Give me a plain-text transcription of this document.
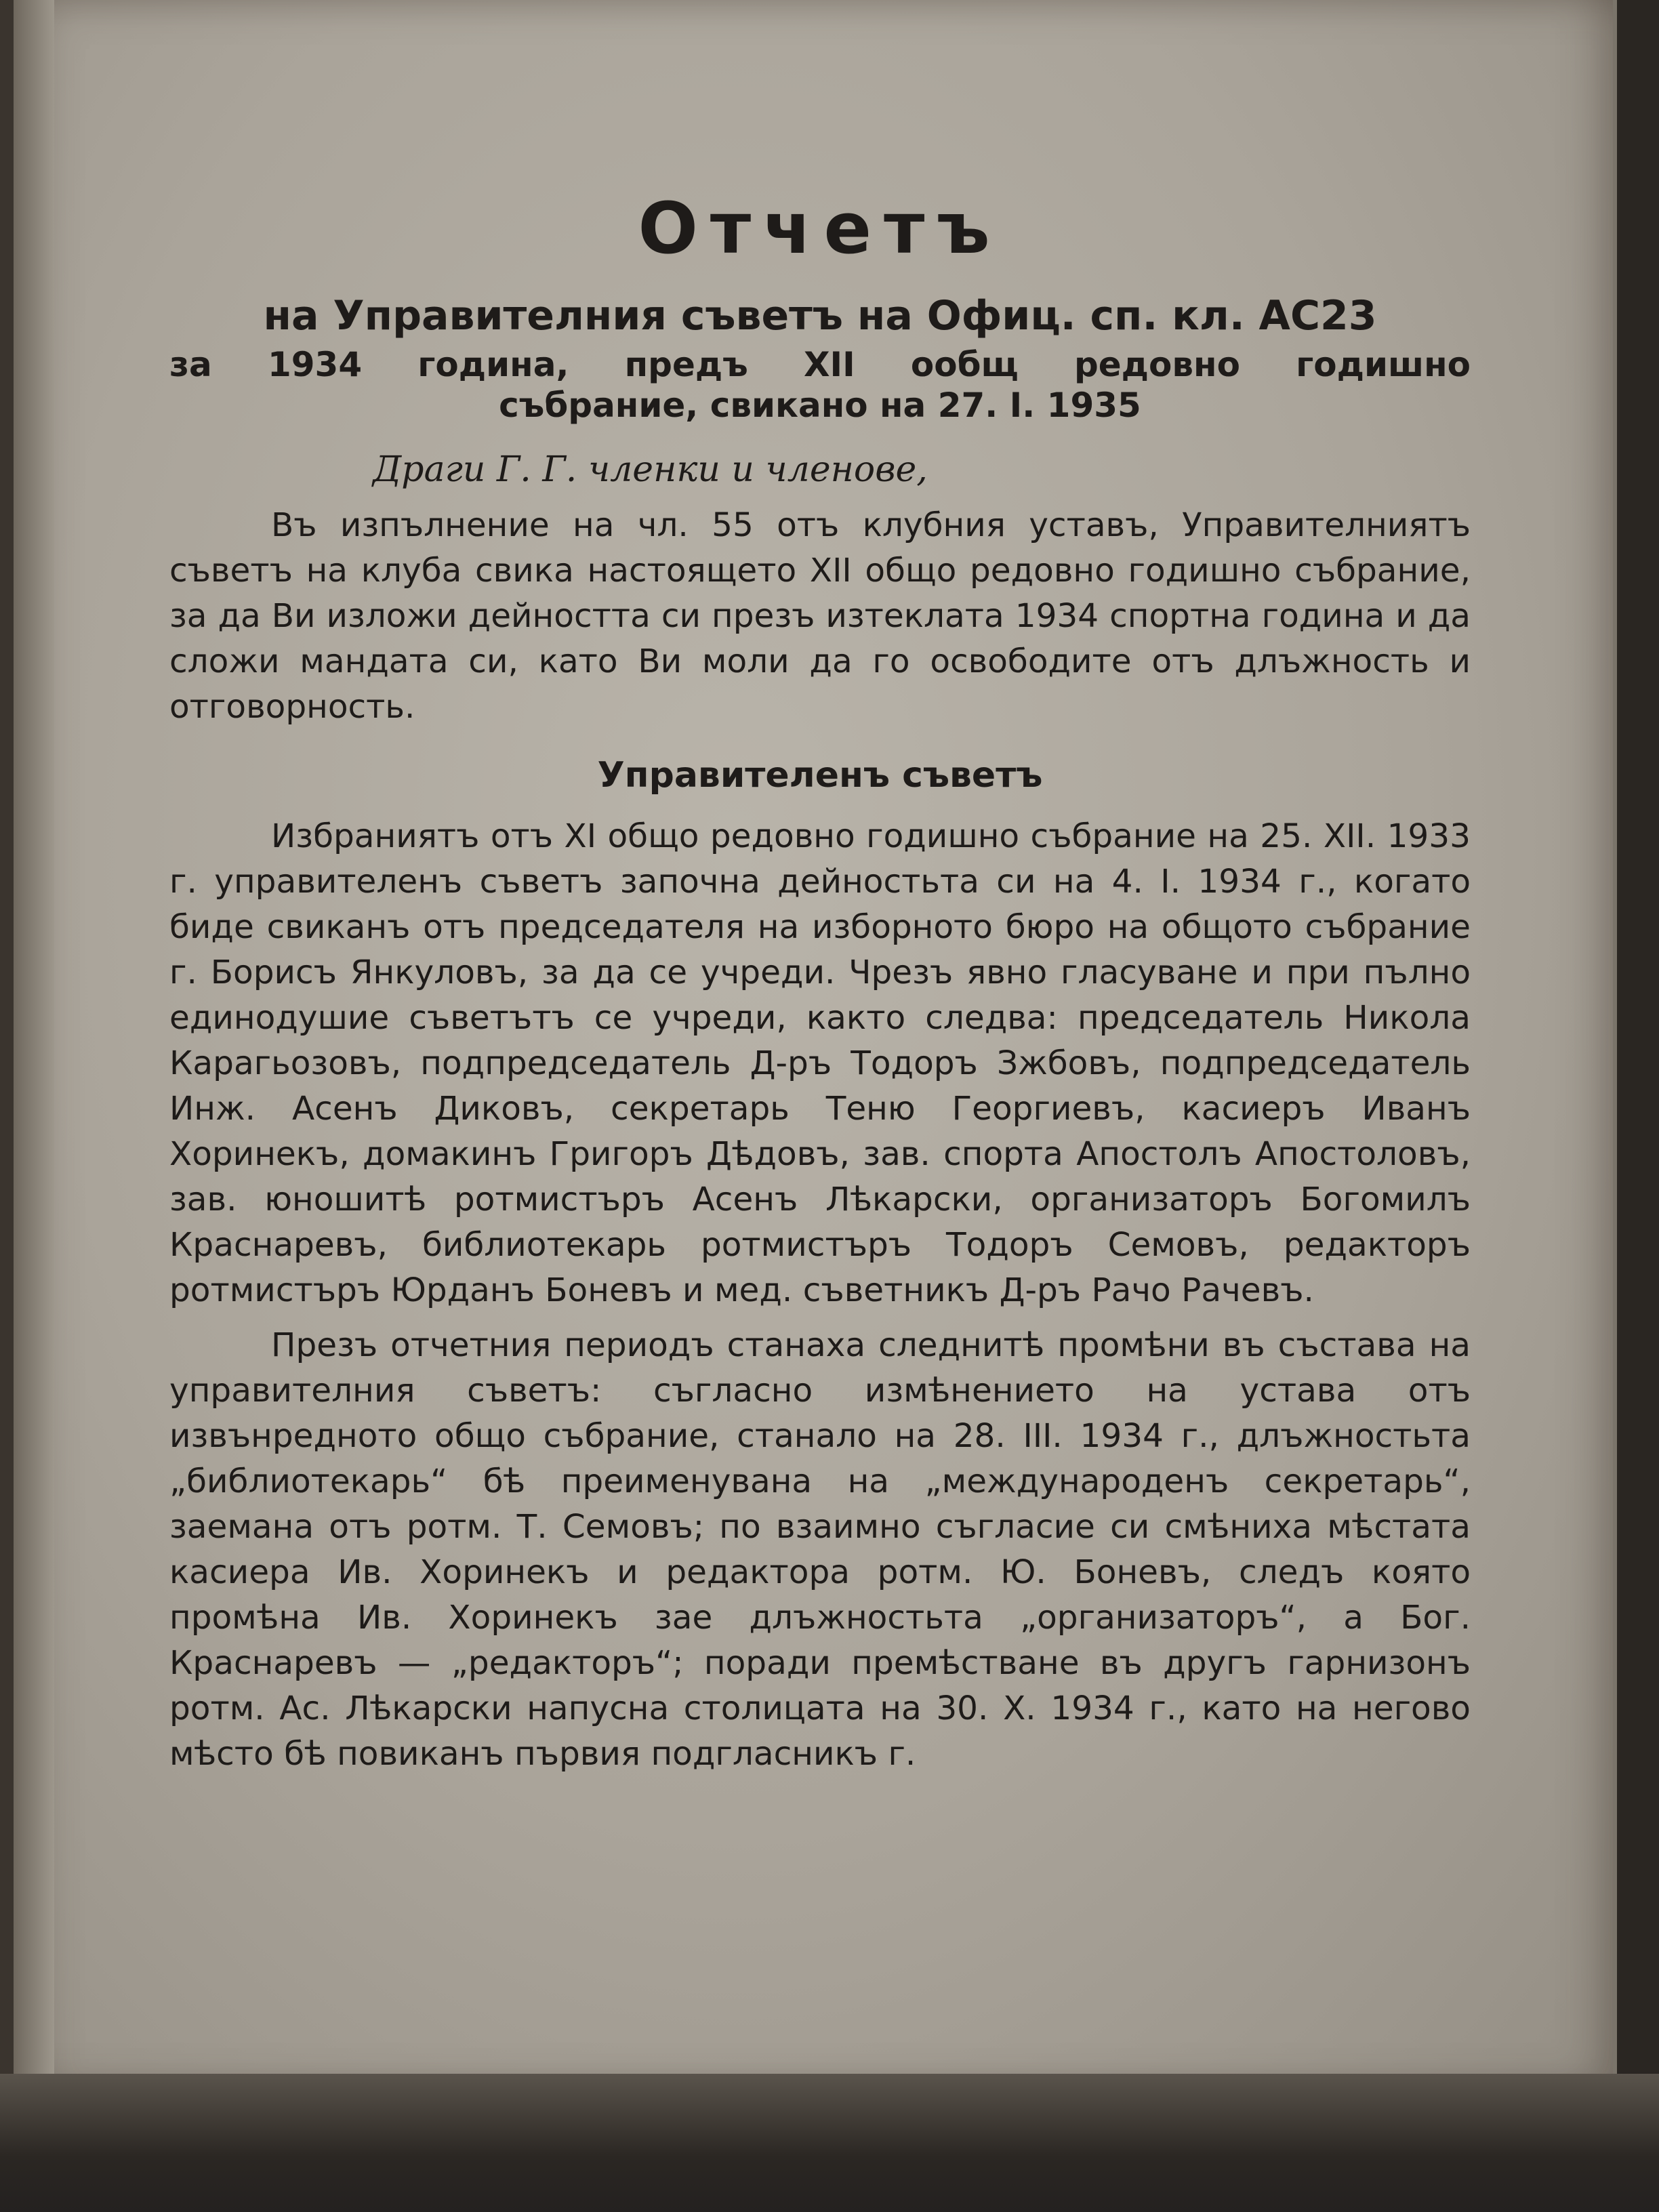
Отчетъ
на Управителния съветъ на Офиц. сп. кл. АС23
за 1934 година, предъ XII ообщ редовно годишно
събрание, свикано на 27. I. 1935
Драги Г. Г. членки и членове,

Въ изпълнение на чл. 55 отъ клубния уставъ, Управителниятъ съветъ на клуба свика настоящето XII общо редовно годишно събрание, за да Ви изложи дейността си презъ изтеклата 1934 спортна година и да сложи мандата си, като Ви моли да го освободите отъ длъжность и отговорность.

Управителенъ съветъ

Избраниятъ отъ XI общо редовно годишно събрание на 25. XII. 1933 г. управителенъ съветъ започна дейностьта си на 4. I. 1934 г., когато биде свиканъ отъ председателя на изборното бюро на общото събрание г. Борисъ Янкуловъ, за да се учреди. Чрезъ явно гласуване и при пълно единодушие съветътъ се учреди, както следва: председатель Никола Карагьозовъ, подпредседатель Д-ръ Тодоръ Зжбовъ, подпредседатель Инж. Асенъ Диковъ, секретарь Теню Георгиевъ, касиеръ Иванъ Хоринекъ, домакинъ Григоръ Дѣдовъ, зав. спорта Апостолъ Апостоловъ, зав. юношитѣ ротмистъръ Асенъ Лѣкарски, организаторъ Богомилъ Краснаревъ, библиотекарь ротмистъръ Тодоръ Семовъ, редакторъ ротмистъръ Юрданъ Боневъ и мед. съветникъ Д-ръ Рачо Рачевъ.

Презъ отчетния периодъ станаха следнитѣ промѣни въ състава на управителния съветъ: съгласно измѣнението на устава отъ извънредното общо събрание, станало на 28. III. 1934 г., длъжностьта „библиотекарь“ бѣ преименувана на „международенъ секретарь“, заемана отъ ротм. Т. Семовъ; по взаимно съгласие си смѣниха мѣстата касиера Ив. Хоринекъ и редактора ротм. Ю. Боневъ, следъ която промѣна Ив. Хоринекъ зае длъжностьта „организаторъ“, а Бог. Краснаревъ — „редакторъ“; поради премѣстване въ другъ гарнизонъ ротм. Ас. Лѣкарски напусна столицата на 30. X. 1934 г., като на негово мѣсто бѣ повиканъ първия подгласникъ г.
